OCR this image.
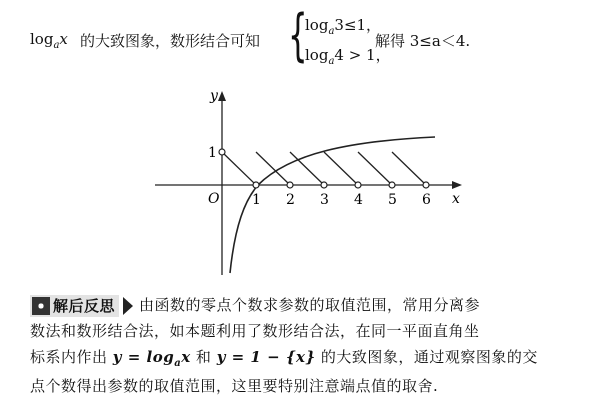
$\log_ax$ 的大致图象，数形结合可知 {
$\log_a3\le 1$，
$\log_a4 > 1$，
解得 3≤a＜4.
y
x
O
1
1 2 3 4 5 6

解后反思 由函数的零点个数求参数的取值范围，常用分离参

数法和数形结合法，如本题利用了数形结合法，在同一平面直角坐

标系内作出 $y = \log_ax$ 和 y = 1 − {x} 的大致图象，通过观察图象的交

点个数得出参数的取值范围，这里要特别注意端点值的取舍.
